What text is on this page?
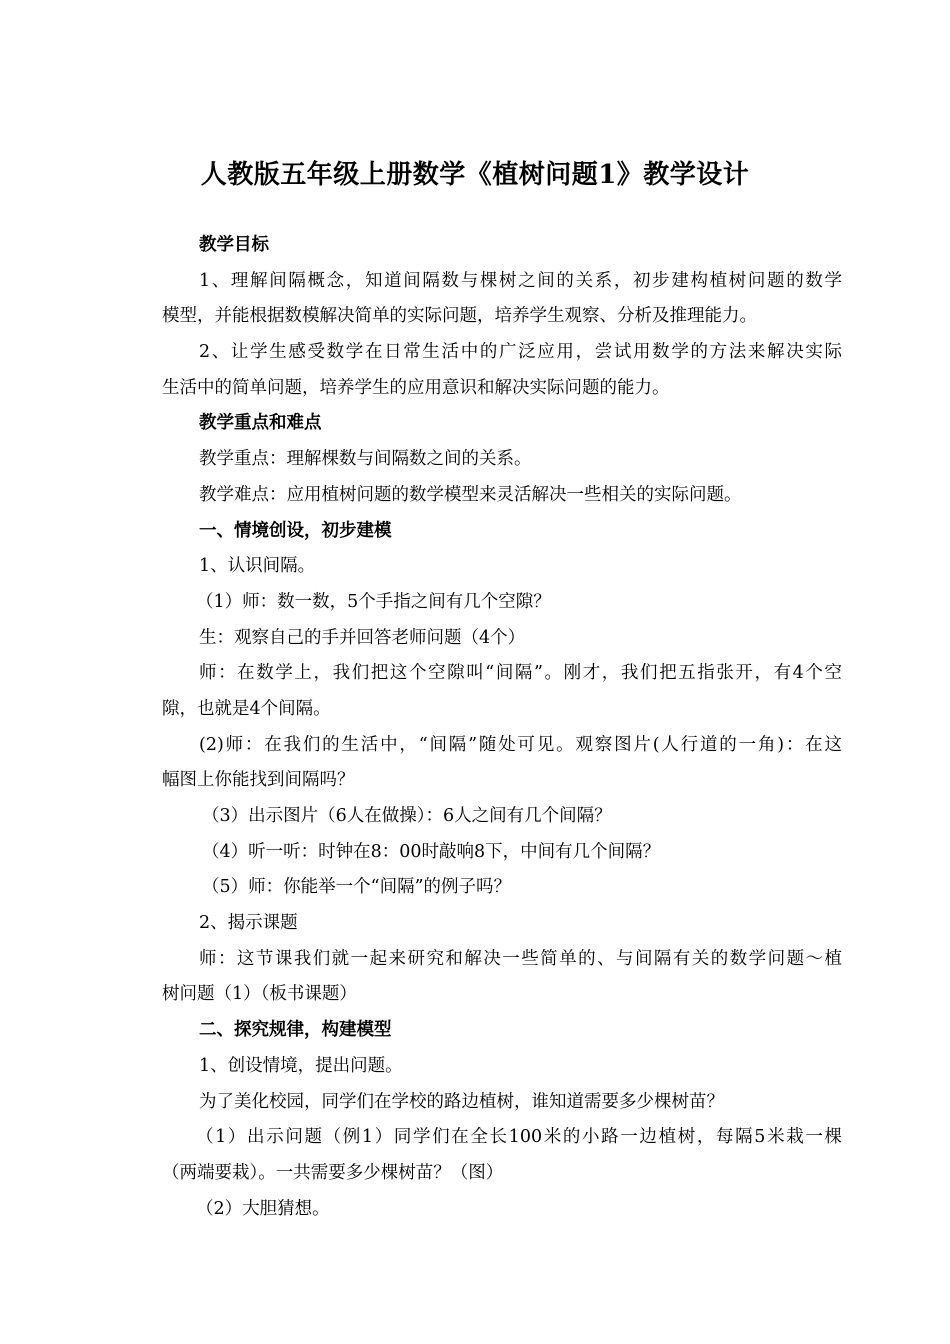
人教版五年级上册数学《植树问题1》教学设计
教学目标
1、理解间隔概念，知道间隔数与棵树之间的关系，初步建构植树问题的数学
模型，并能根据数模解决简单的实际问题，培养学生观察、分析及推理能力。
2、让学生感受数学在日常生活中的广泛应用，尝试用数学的方法来解决实际
生活中的简单问题，培养学生的应用意识和解决实际问题的能力。
教学重点和难点
教学重点：理解棵数与间隔数之间的关系。
教学难点：应用植树问题的数学模型来灵活解决一些相关的实际问题。
一、情境创设，初步建模
1、认识间隔。
（1）师：数一数，5个手指之间有几个空隙？
生：观察自己的手并回答老师问题（4个）
师：在数学上，我们把这个空隙叫“间隔”。刚才，我们把五指张开，有4个空
隙，也就是4个间隔。
(2)师：在我们的生活中，“间隔”随处可见。观察图片(人行道的一角)：在这
幅图上你能找到间隔吗？
（3）出示图片（6人在做操）：6人之间有几个间隔？
（4）听一听：时钟在8：00时敲响8下，中间有几个间隔？
（5）师：你能举一个“间隔”的例子吗？
2、揭示课题
师：这节课我们就一起来研究和解决一些简单的、与间隔有关的数学问题～植
树问题（1）（板书课题）
二、探究规律，构建模型
1、创设情境，提出问题。
为了美化校园，同学们在学校的路边植树，谁知道需要多少棵树苗？
（1）出示问题（例1）同学们在全长100米的小路一边植树，每隔5米栽一棵
（两端要栽）。一共需要多少棵树苗？（图）
（2）大胆猜想。
